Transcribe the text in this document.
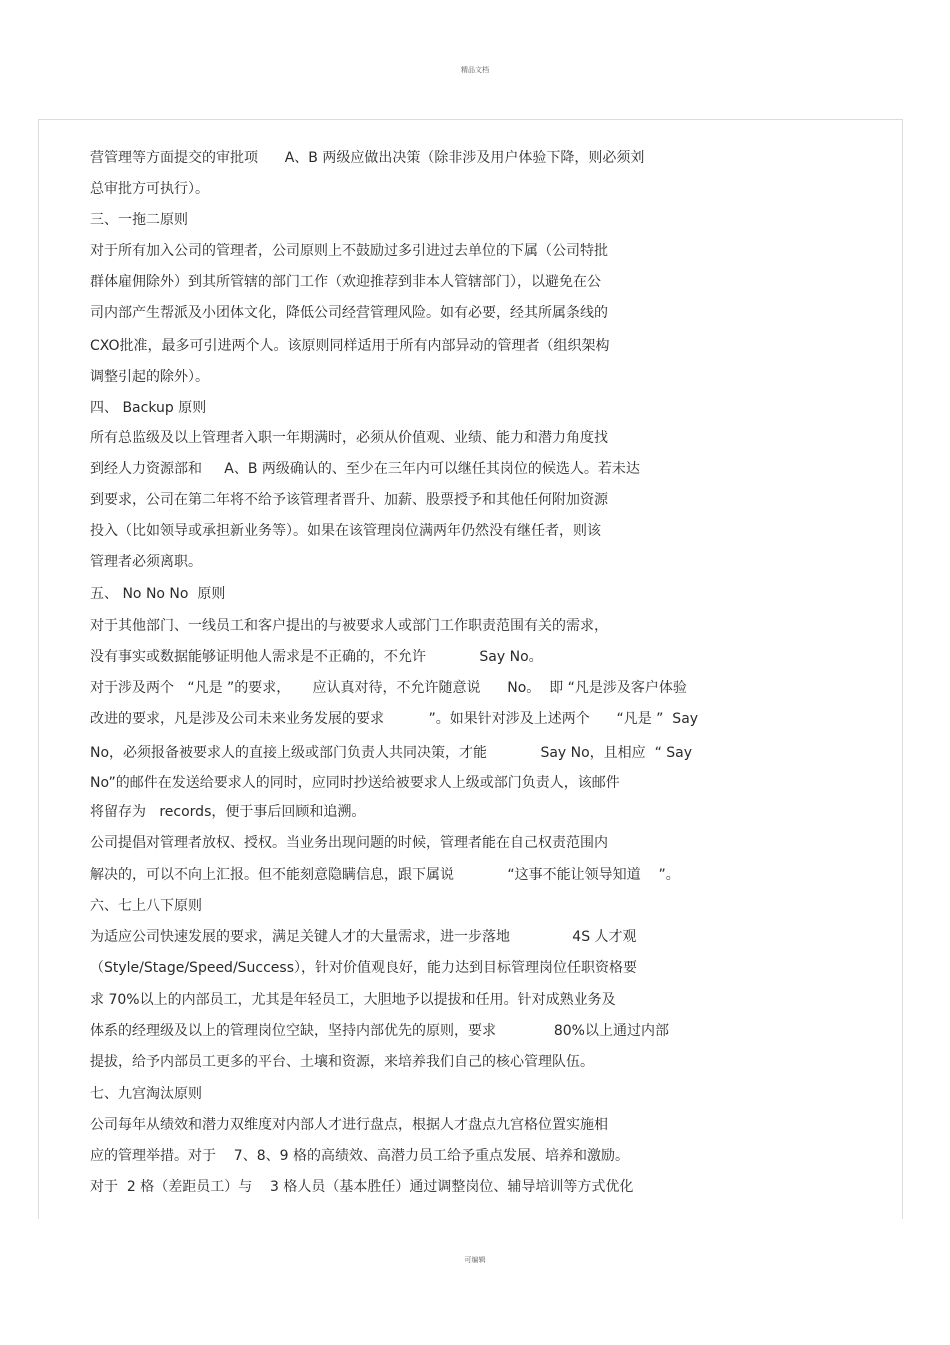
精品文档
营管理等方面提交的审批项      A、B 两级应做出决策（除非涉及用户体验下降，则必须刘
总审批方可执行）。
三、一拖二原则
对于所有加入公司的管理者，公司原则上不鼓励过多引进过去单位的下属（公司特批
群体雇佣除外）到其所管辖的部门工作（欢迎推荐到非本人管辖部门），以避免在公
司内部产生帮派及小团体文化，降低公司经营管理风险。如有必要，经其所属条线的
CXO批准，最多可引进两个人。该原则同样适用于所有内部异动的管理者（组织架构
调整引起的除外）。
四、 Backup 原则
所有总监级及以上管理者入职一年期满时，必须从价值观、业绩、能力和潜力角度找
到经人力资源部和     A、B 两级确认的、至少在三年内可以继任其岗位的候选人。若未达
到要求，公司在第二年将不给予该管理者晋升、加薪、股票授予和其他任何附加资源
投入（比如领导或承担新业务等）。如果在该管理岗位满两年仍然没有继任者，则该
管理者必须离职。
五、 No No No  原则
对于其他部门、一线员工和客户提出的与被要求人或部门工作职责范围有关的需求，
没有事实或数据能够证明他人需求是不正确的，不允许            Say No。
对于涉及两个   “凡是 ”的要求，     应认真对待，不允许随意说      No。  即 “凡是涉及客户体验
改进的要求，凡是涉及公司未来业务发展的要求          ”。如果针对涉及上述两个      “凡是 ”  Say
No，必须报备被要求人的直接上级或部门负责人共同决策，才能            Say No，且相应  “ Say
No”的邮件在发送给要求人的同时，应同时抄送给被要求人上级或部门负责人，该邮件
将留存为   records，便于事后回顾和追溯。
公司提倡对管理者放权、授权。当业务出现问题的时候，管理者能在自己权责范围内
解决的，可以不向上汇报。但不能刻意隐瞒信息，跟下属说            “这事不能让领导知道    ”。
六、七上八下原则
为适应公司快速发展的要求，满足关键人才的大量需求，进一步落地              4S 人才观
（Style/Stage/Speed/Success），针对价值观良好，能力达到目标管理岗位任职资格要
求 70%以上的内部员工，尤其是年轻员工，大胆地予以提拔和任用。针对成熟业务及
体系的经理级及以上的管理岗位空缺，坚持内部优先的原则，要求             80%以上通过内部
提拔，给予内部员工更多的平台、土壤和资源，来培养我们自己的核心管理队伍。
七、九宫淘汰原则
公司每年从绩效和潜力双维度对内部人才进行盘点，根据人才盘点九宫格位置实施相
应的管理举措。对于    7、8、9 格的高绩效、高潜力员工给予重点发展、培养和激励。
对于  2 格（差距员工）与    3 格人员（基本胜任）通过调整岗位、辅导培训等方式优化
可编辑
